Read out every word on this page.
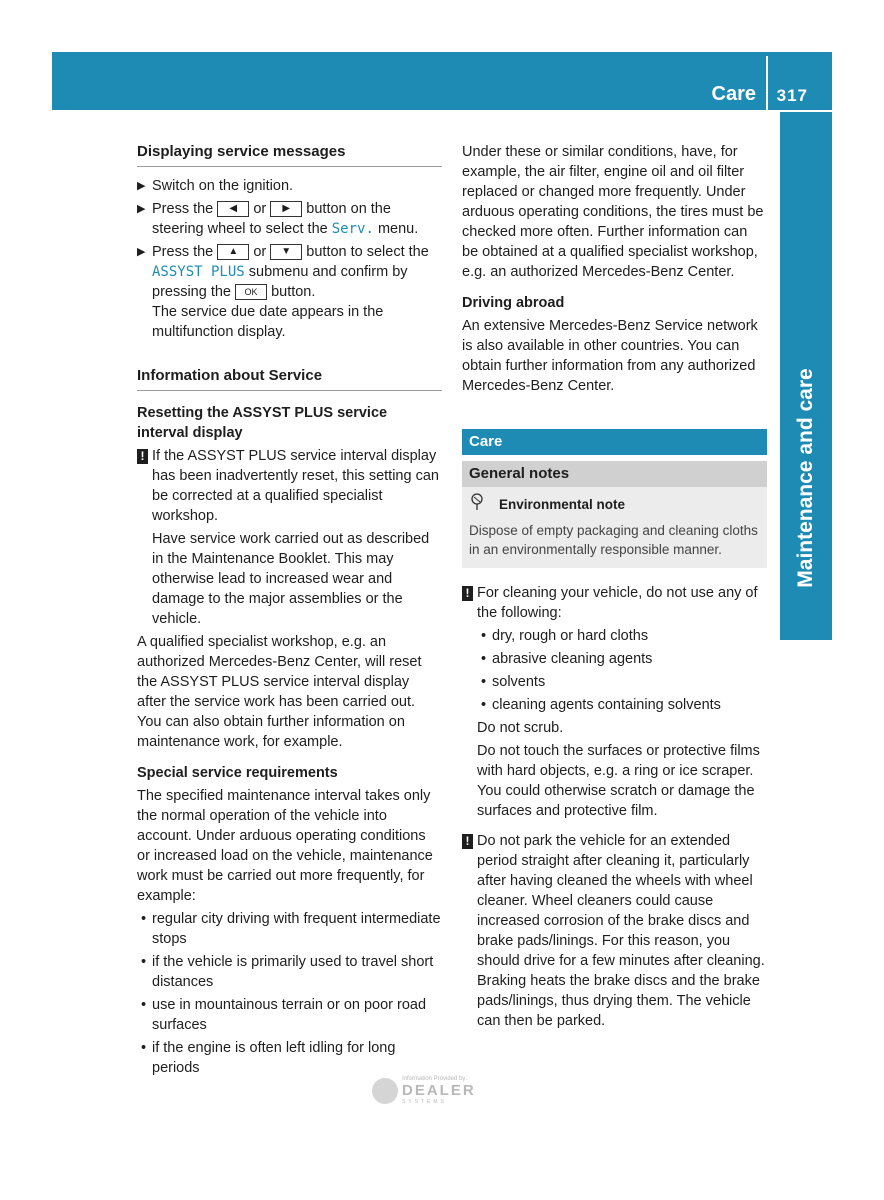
Care 317
Maintenance and care
Displaying service messages

▶ Switch on the ignition.

▶ Press the ◀ or ▶ button on the steering wheel to select the Serv. menu.

▶ Press the ▲ or ▼ button to select the ASSYST PLUS submenu and confirm by pressing the OK button.

The service due date appears in the multifunction display.

Information about Service
Resetting the ASSYST PLUS service interval display
! If the ASSYST PLUS service interval display has been inadvertently reset, this setting can be corrected at a qualified specialist workshop.

Have service work carried out as described in the Maintenance Booklet. This may otherwise lead to increased wear and damage to the major assemblies or the vehicle.

A qualified specialist workshop, e.g. an authorized Mercedes-Benz Center, will reset the ASSYST PLUS service interval display after the service work has been carried out. You can also obtain further information on maintenance work, for example.

Special service requirements

The specified maintenance interval takes only the normal operation of the vehicle into account. Under arduous operating conditions or increased load on the vehicle, maintenance work must be carried out more frequently, for example:

• regular city driving with frequent intermediate stops
• if the vehicle is primarily used to travel short distances
• use in mountainous terrain or on poor road surfaces
• if the engine is often left idling for long periods

Under these or similar conditions, have, for example, the air filter, engine oil and oil filter replaced or changed more frequently. Under arduous operating conditions, the tires must be checked more often. Further information can be obtained at a qualified specialist workshop, e.g. an authorized Mercedes-Benz Center.

Driving abroad

An extensive Mercedes-Benz Service network is also available in other countries. You can obtain further information from any authorized Mercedes-Benz Center.

Care
General notes
Environmental note

Dispose of empty packaging and cleaning cloths in an environmentally responsible manner.

! For cleaning your vehicle, do not use any of the following:

• dry, rough or hard cloths
• abrasive cleaning agents
• solvents
• cleaning agents containing solvents

Do not scrub.

Do not touch the surfaces or protective films with hard objects, e.g. a ring or ice scraper. You could otherwise scratch or damage the surfaces and protective film.

! Do not park the vehicle for an extended period straight after cleaning it, particularly after having cleaned the wheels with wheel cleaner. Wheel cleaners could cause increased corrosion of the brake discs and brake pads/linings. For this reason, you should drive for a few minutes after cleaning. Braking heats the brake discs and the brake pads/linings, thus drying them. The vehicle can then be parked.

Information Provided by:
DEALER
SYSTEMS
